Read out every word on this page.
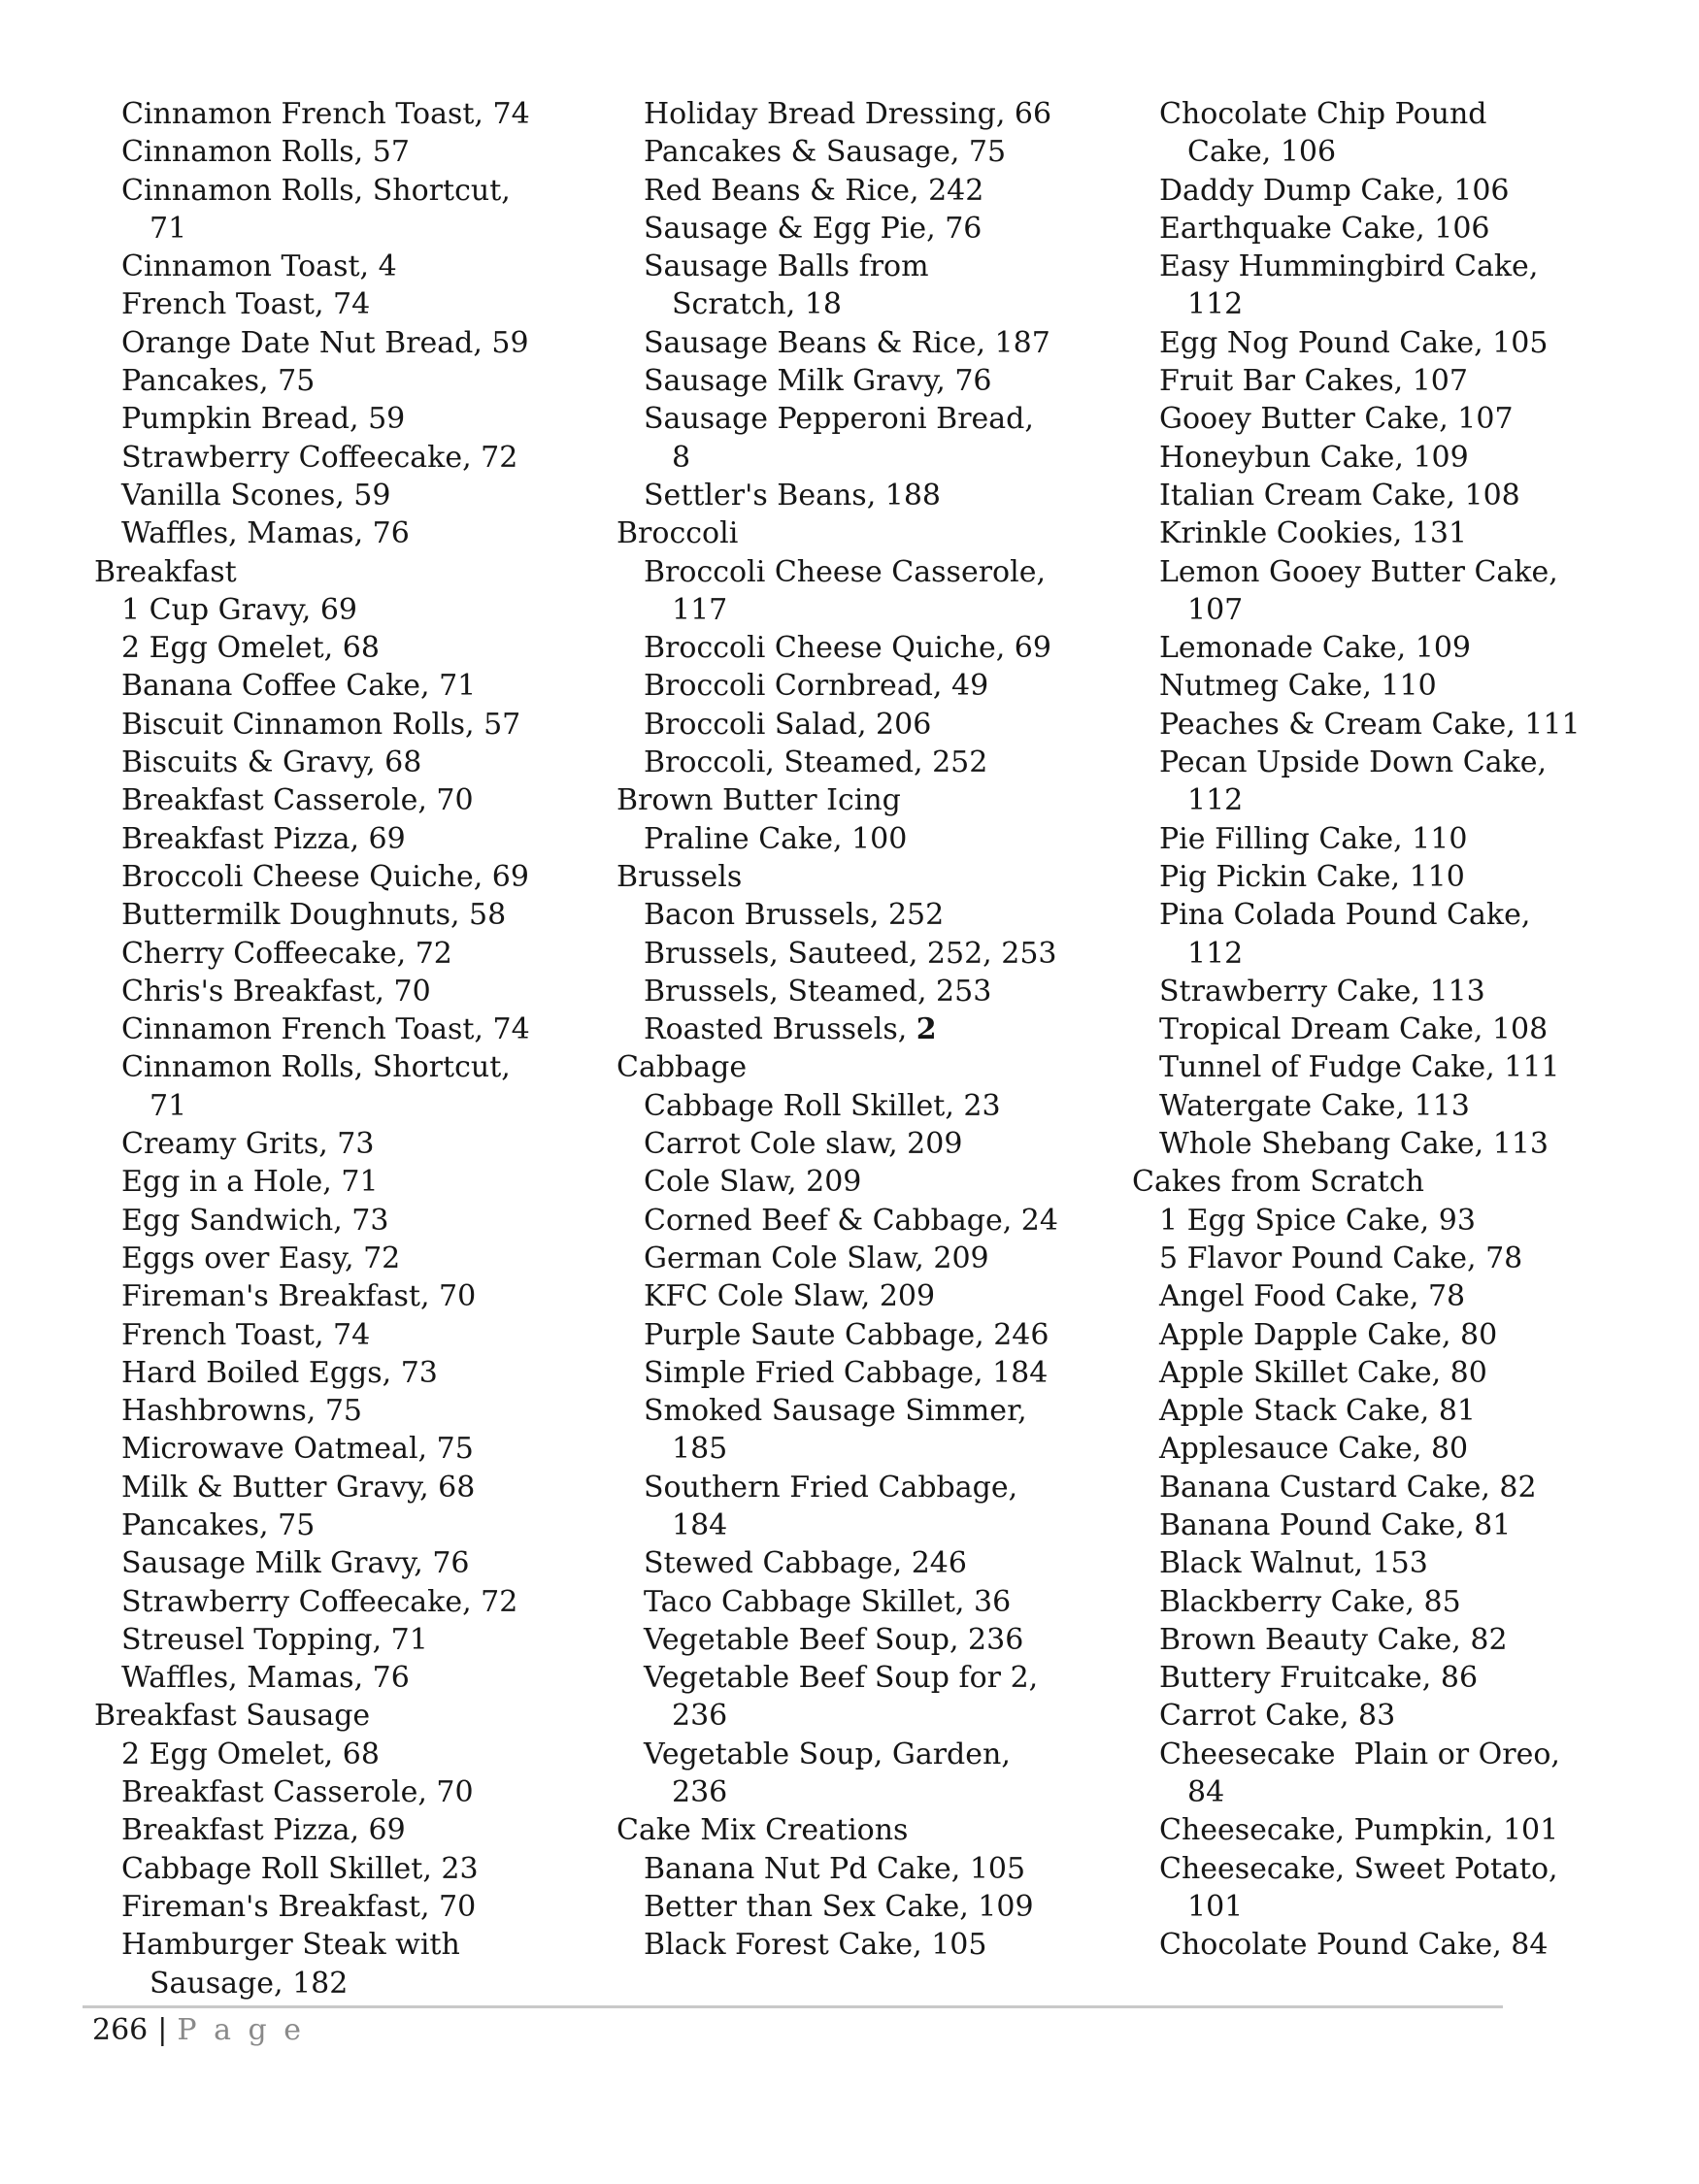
Cinnamon French Toast, 74
Cinnamon Rolls, 57
Cinnamon Rolls, Shortcut,
71
Cinnamon Toast, 4
French Toast, 74
Orange Date Nut Bread, 59
Pancakes, 75
Pumpkin Bread, 59
Strawberry Coffeecake, 72
Vanilla Scones, 59
Waffles, Mamas, 76
Breakfast
1 Cup Gravy, 69
2 Egg Omelet, 68
Banana Coffee Cake, 71
Biscuit Cinnamon Rolls, 57
Biscuits & Gravy, 68
Breakfast Casserole, 70
Breakfast Pizza, 69
Broccoli Cheese Quiche, 69
Buttermilk Doughnuts, 58
Cherry Coffeecake, 72
Chris's Breakfast, 70
Cinnamon French Toast, 74
Cinnamon Rolls, Shortcut,
71
Creamy Grits, 73
Egg in a Hole, 71
Egg Sandwich, 73
Eggs over Easy, 72
Fireman's Breakfast, 70
French Toast, 74
Hard Boiled Eggs, 73
Hashbrowns, 75
Microwave Oatmeal, 75
Milk & Butter Gravy, 68
Pancakes, 75
Sausage Milk Gravy, 76
Strawberry Coffeecake, 72
Streusel Topping, 71
Waffles, Mamas, 76
Breakfast Sausage
2 Egg Omelet, 68
Breakfast Casserole, 70
Breakfast Pizza, 69
Cabbage Roll Skillet, 23
Fireman's Breakfast, 70
Hamburger Steak with
Sausage, 182
Holiday Bread Dressing, 66
Pancakes & Sausage, 75
Red Beans & Rice, 242
Sausage & Egg Pie, 76
Sausage Balls from
Scratch, 18
Sausage Beans & Rice, 187
Sausage Milk Gravy, 76
Sausage Pepperoni Bread,
8
Settler's Beans, 188
Broccoli
Broccoli Cheese Casserole,
117
Broccoli Cheese Quiche, 69
Broccoli Cornbread, 49
Broccoli Salad, 206
Broccoli, Steamed, 252
Brown Butter Icing
Praline Cake, 100
Brussels
Bacon Brussels, 252
Brussels, Sauteed, 252, 253
Brussels, Steamed, 253
Roasted Brussels, 2
Cabbage
Cabbage Roll Skillet, 23
Carrot Cole slaw, 209
Cole Slaw, 209
Corned Beef & Cabbage, 24
German Cole Slaw, 209
KFC Cole Slaw, 209
Purple Saute Cabbage, 246
Simple Fried Cabbage, 184
Smoked Sausage Simmer,
185
Southern Fried Cabbage,
184
Stewed Cabbage, 246
Taco Cabbage Skillet, 36
Vegetable Beef Soup, 236
Vegetable Beef Soup for 2,
236
Vegetable Soup, Garden,
236
Cake Mix Creations
Banana Nut Pd Cake, 105
Better than Sex Cake, 109
Black Forest Cake, 105
Chocolate Chip Pound
Cake, 106
Daddy Dump Cake, 106
Earthquake Cake, 106
Easy Hummingbird Cake,
112
Egg Nog Pound Cake, 105
Fruit Bar Cakes, 107
Gooey Butter Cake, 107
Honeybun Cake, 109
Italian Cream Cake, 108
Krinkle Cookies, 131
Lemon Gooey Butter Cake,
107
Lemonade Cake, 109
Nutmeg Cake, 110
Peaches & Cream Cake, 111
Pecan Upside Down Cake,
112
Pie Filling Cake, 110
Pig Pickin Cake, 110
Pina Colada Pound Cake,
112
Strawberry Cake, 113
Tropical Dream Cake, 108
Tunnel of Fudge Cake, 111
Watergate Cake, 113
Whole Shebang Cake, 113
Cakes from Scratch
1 Egg Spice Cake, 93
5 Flavor Pound Cake, 78
Angel Food Cake, 78
Apple Dapple Cake, 80
Apple Skillet Cake, 80
Apple Stack Cake, 81
Applesauce Cake, 80
Banana Custard Cake, 82
Banana Pound Cake, 81
Black Walnut, 153
Blackberry Cake, 85
Brown Beauty Cake, 82
Buttery Fruitcake, 86
Carrot Cake, 83
Cheesecake  Plain or Oreo,
84
Cheesecake, Pumpkin, 101
Cheesecake, Sweet Potato,
101
Chocolate Pound Cake, 84
266 | P a g e
